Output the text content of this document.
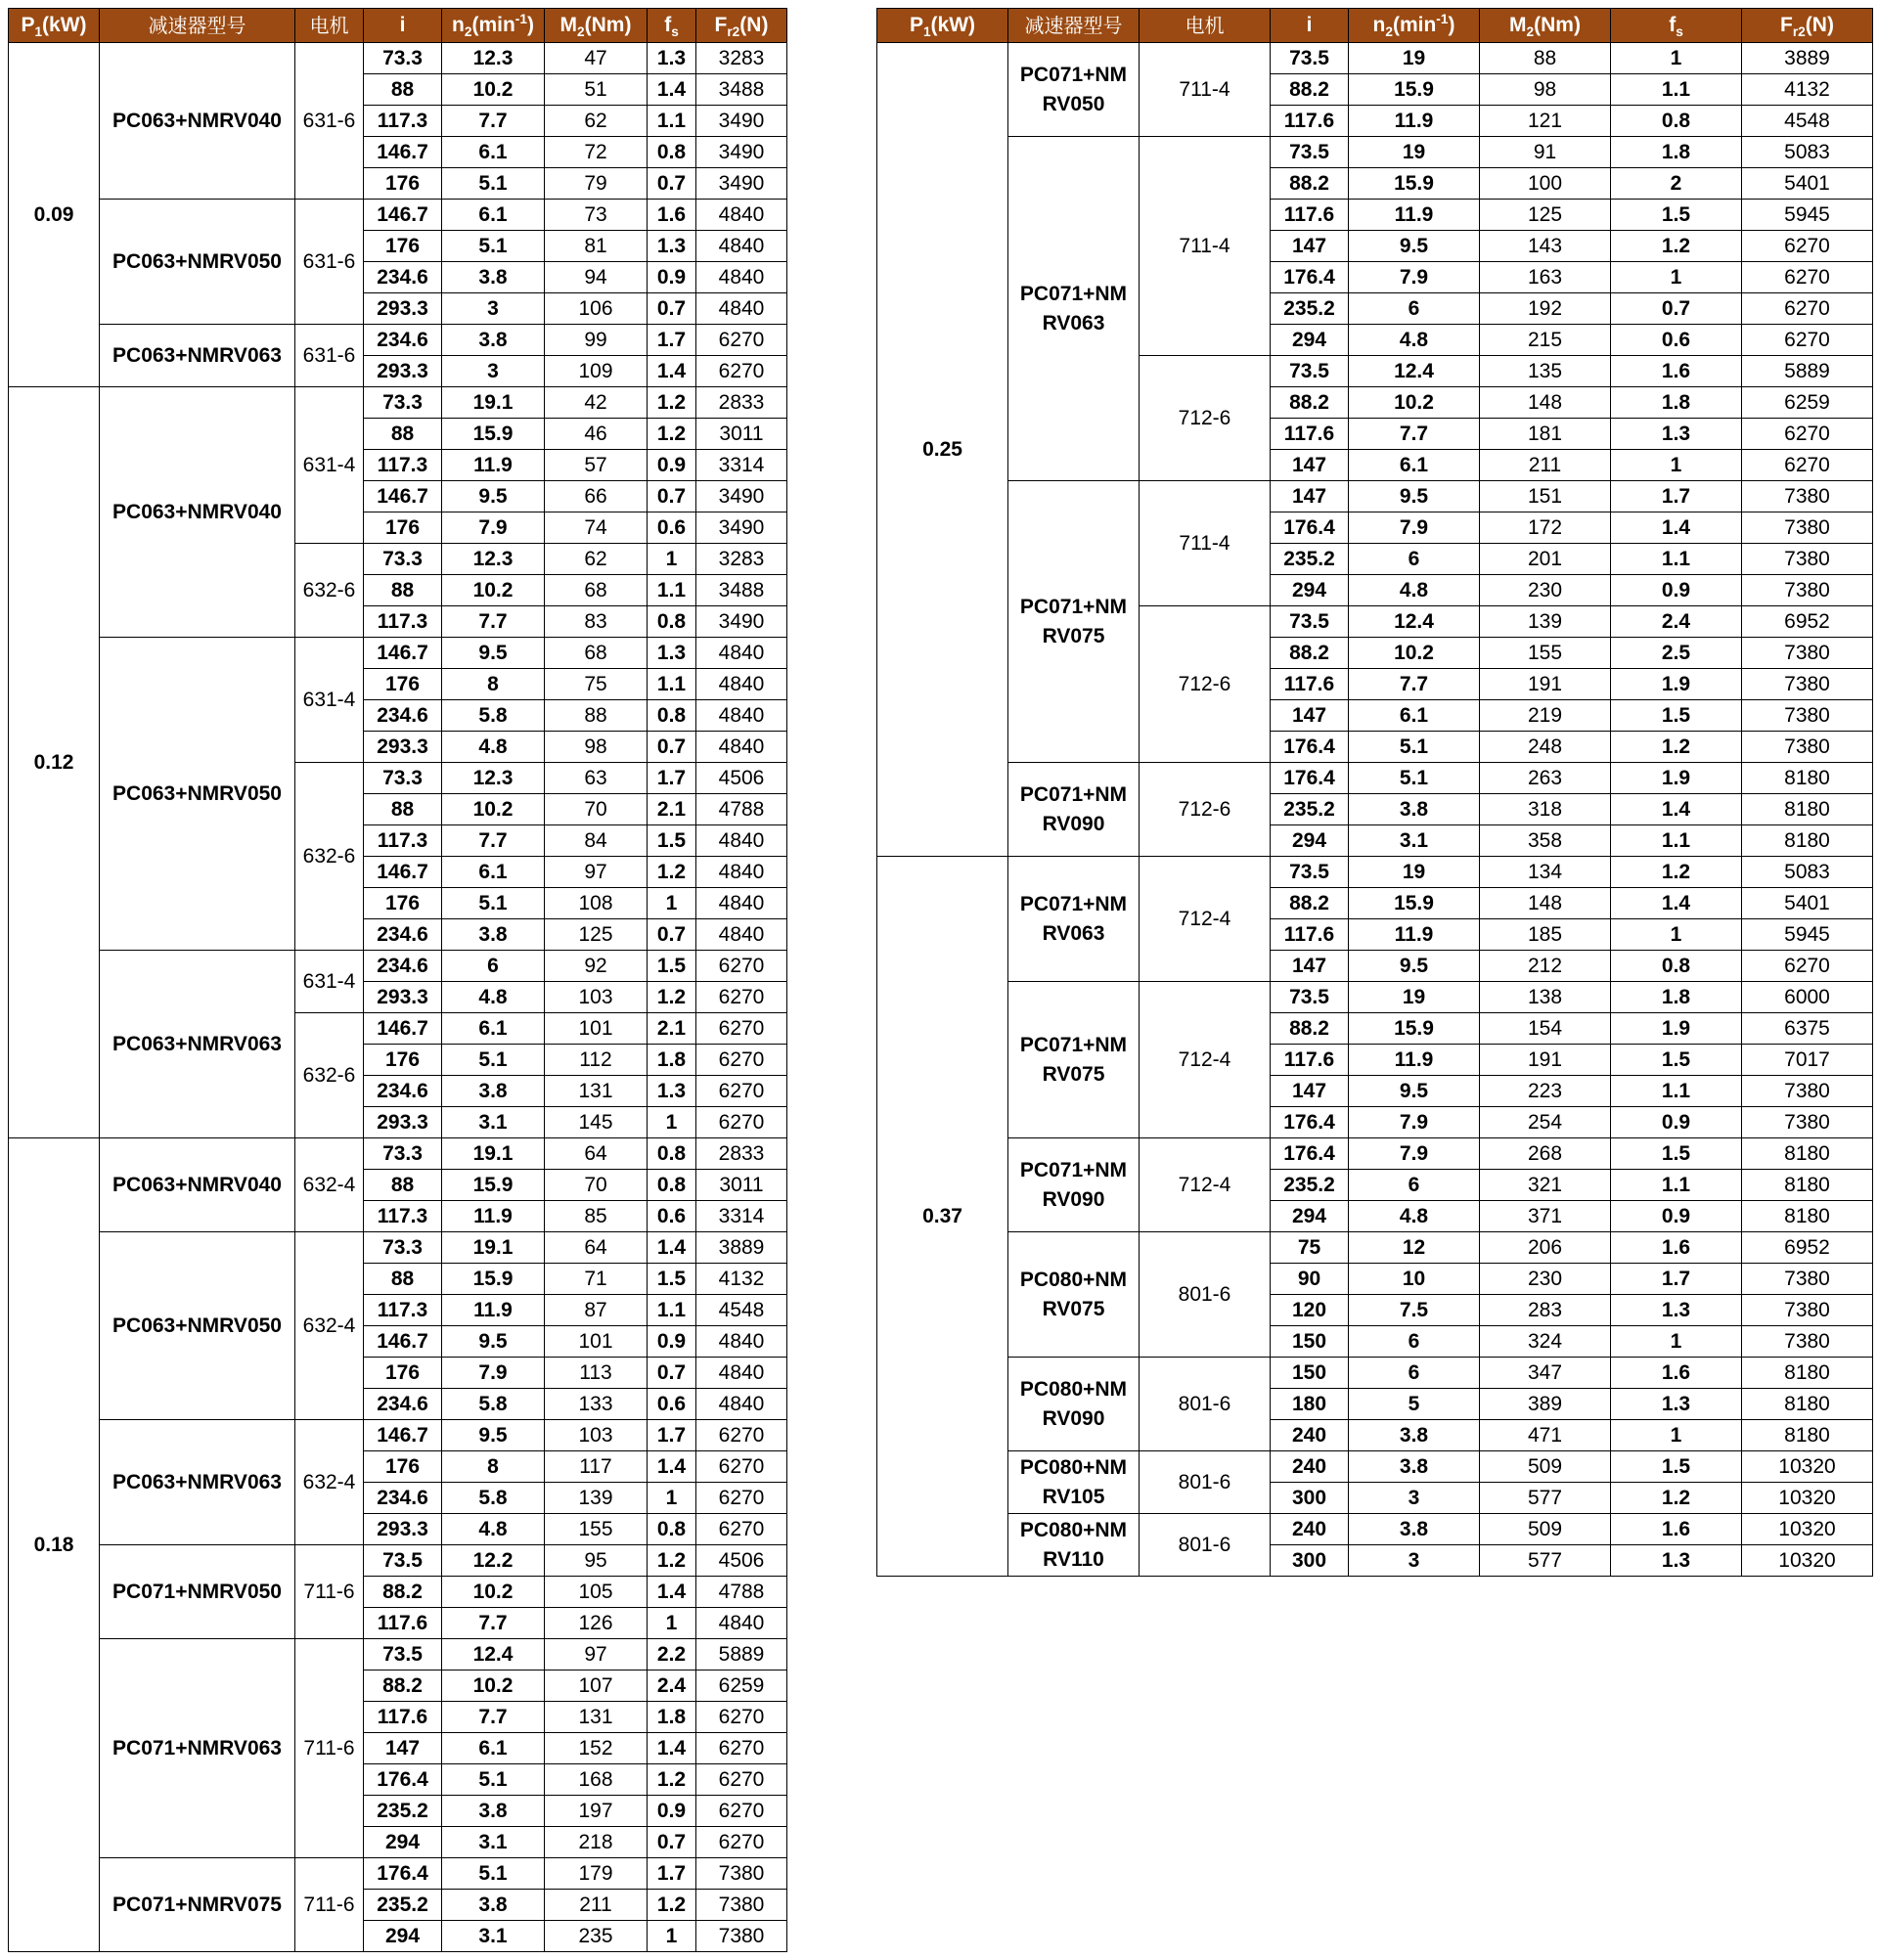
$P_1(kW)$	减速器型号	电机	i	$n_2(\min^{-1})$	$M_2(Nm)$	$f_s$	$F_{r2}(N)$
0.09	PC063+NMRV040	631-6	73.3	12.3	47	1.3	3283
			88	10.2	51	1.4	3488
			117.3	7.7	62	1.1	3490
			146.7	6.1	72	0.8	3490
			176	5.1	79	0.7	3490
	PC063+NMRV050	631-6	146.7	6.1	73	1.6	4840
			176	5.1	81	1.3	4840
			234.6	3.8	94	0.9	4840
			293.3	3	106	0.7	4840
	PC063+NMRV063	631-6	234.6	3.8	99	1.7	6270
			293.3	3	109	1.4	6270
0.12	PC063+NMRV040	631-4	73.3	19.1	42	1.2	2833
			88	15.9	46	1.2	3011
			117.3	11.9	57	0.9	3314
			146.7	9.5	66	0.7	3490
			176	7.9	74	0.6	3490
		632-6	73.3	12.3	62	1	3283
			88	10.2	68	1.1	3488
			117.3	7.7	83	0.8	3490
	PC063+NMRV050	631-4	146.7	9.5	68	1.3	4840
			176	8	75	1.1	4840
			234.6	5.8	88	0.8	4840
			293.3	4.8	98	0.7	4840
		632-6	73.3	12.3	63	1.7	4506
			88	10.2	70	2.1	4788
			117.3	7.7	84	1.5	4840
			146.7	6.1	97	1.2	4840
			176	5.1	108	1	4840
			234.6	3.8	125	0.7	4840
	PC063+NMRV063	631-4	234.6	6	92	1.5	6270
			293.3	4.8	103	1.2	6270
		632-6	146.7	6.1	101	2.1	6270
			176	5.1	112	1.8	6270
			234.6	3.8	131	1.3	6270
			293.3	3.1	145	1	6270
0.18	PC063+NMRV040	632-4	73.3	19.1	64	0.8	2833
			88	15.9	70	0.8	3011
			117.3	11.9	85	0.6	3314
	PC063+NMRV050	632-4	73.3	19.1	64	1.4	3889
			88	15.9	71	1.5	4132
			117.3	11.9	87	1.1	4548
			146.7	9.5	101	0.9	4840
			176	7.9	113	0.7	4840
			234.6	5.8	133	0.6	4840
	PC063+NMRV063	632-4	146.7	9.5	103	1.7	6270
			176	8	117	1.4	6270
			234.6	5.8	139	1	6270
			293.3	4.8	155	0.8	6270
	PC071+NMRV050	711-6	73.5	12.2	95	1.2	4506
			88.2	10.2	105	1.4	4788
			117.6	7.7	126	1	4840
	PC071+NMRV063	711-6	73.5	12.4	97	2.2	5889
			88.2	10.2	107	2.4	6259
			117.6	7.7	131	1.8	6270
			147	6.1	152	1.4	6270
			176.4	5.1	168	1.2	6270
			235.2	3.8	197	0.9	6270
			294	3.1	218	0.7	6270
	PC071+NMRV075	711-6	176.4	5.1	179	1.7	7380
			235.2	3.8	211	1.2	7380
			294	3.1	235	1	7380
$P_1(kW)$	减速器型号	电机	i	$n_2(\min^{-1})$	$M_2(Nm)$	$f_s$	$F_{r2}(N)$
0.25	PC071+NM RV050	711-4	73.5	19	88	1	3889
			88.2	15.9	98	1.1	4132
			117.6	11.9	121	0.8	4548
	PC071+NM RV063	711-4	73.5	19	91	1.8	5083
			88.2	15.9	100	2	5401
			117.6	11.9	125	1.5	5945
			147	9.5	143	1.2	6270
			176.4	7.9	163	1	6270
			235.2	6	192	0.7	6270
			294	4.8	215	0.6	6270
		712-6	73.5	12.4	135	1.6	5889
			88.2	10.2	148	1.8	6259
			117.6	7.7	181	1.3	6270
			147	6.1	211	1	6270
	PC071+NM RV075	711-4	147	9.5	151	1.7	7380
			176.4	7.9	172	1.4	7380
			235.2	6	201	1.1	7380
			294	4.8	230	0.9	7380
		712-6	73.5	12.4	139	2.4	6952
			88.2	10.2	155	2.5	7380
			117.6	7.7	191	1.9	7380
			147	6.1	219	1.5	7380
			176.4	5.1	248	1.2	7380
	PC071+NM RV090	712-6	176.4	5.1	263	1.9	8180
			235.2	3.8	318	1.4	8180
			294	3.1	358	1.1	8180
0.37	PC071+NM RV063	712-4	73.5	19	134	1.2	5083
			88.2	15.9	148	1.4	5401
			117.6	11.9	185	1	5945
			147	9.5	212	0.8	6270
	PC071+NM RV075	712-4	73.5	19	138	1.8	6000
			88.2	15.9	154	1.9	6375
			117.6	11.9	191	1.5	7017
			147	9.5	223	1.1	7380
			176.4	7.9	254	0.9	7380
	PC071+NM RV090	712-4	176.4	7.9	268	1.5	8180
			235.2	6	321	1.1	8180
			294	4.8	371	0.9	8180
	PC080+NM RV075	801-6	75	12	206	1.6	6952
			90	10	230	1.7	7380
			120	7.5	283	1.3	7380
			150	6	324	1	7380
	PC080+NM RV090	801-6	150	6	347	1.6	8180
			180	5	389	1.3	8180
			240	3.8	471	1	8180
	PC080+NM RV105	801-6	240	3.8	509	1.5	10320
			300	3	577	1.2	10320
	PC080+NM RV110	801-6	240	3.8	509	1.6	10320
			300	3	577	1.3	10320
